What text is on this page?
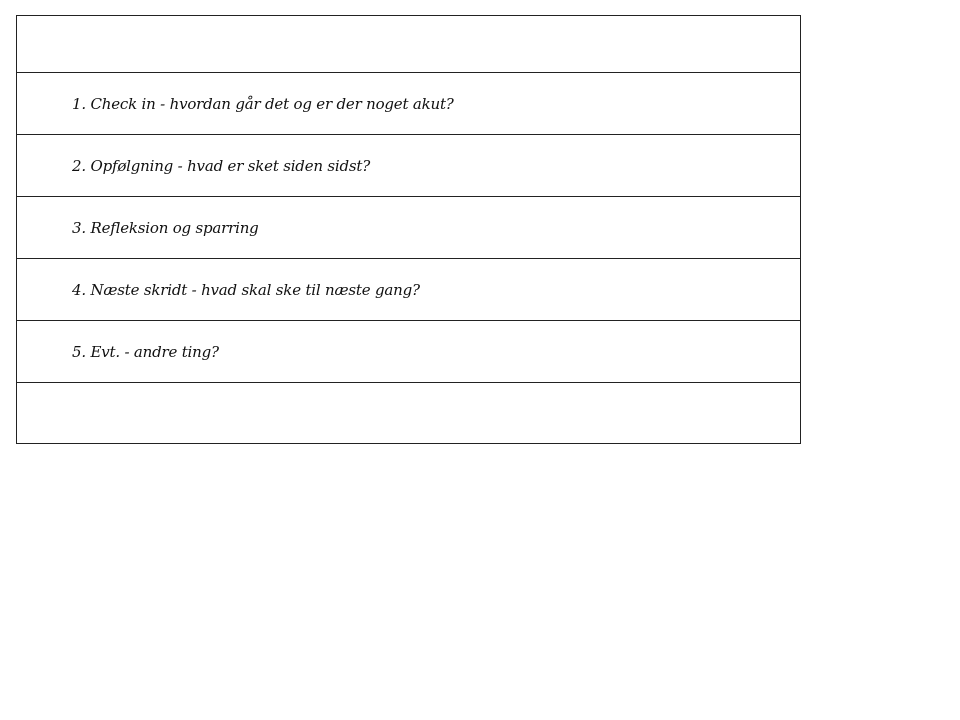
1. Check in - hvordan går det og er der noget akut?
2. Opfølgning - hvad er sket siden sidst?
3. Refleksion og sparring
4. Næste skridt - hvad skal ske til næste gang?
5. Evt. - andre ting?
